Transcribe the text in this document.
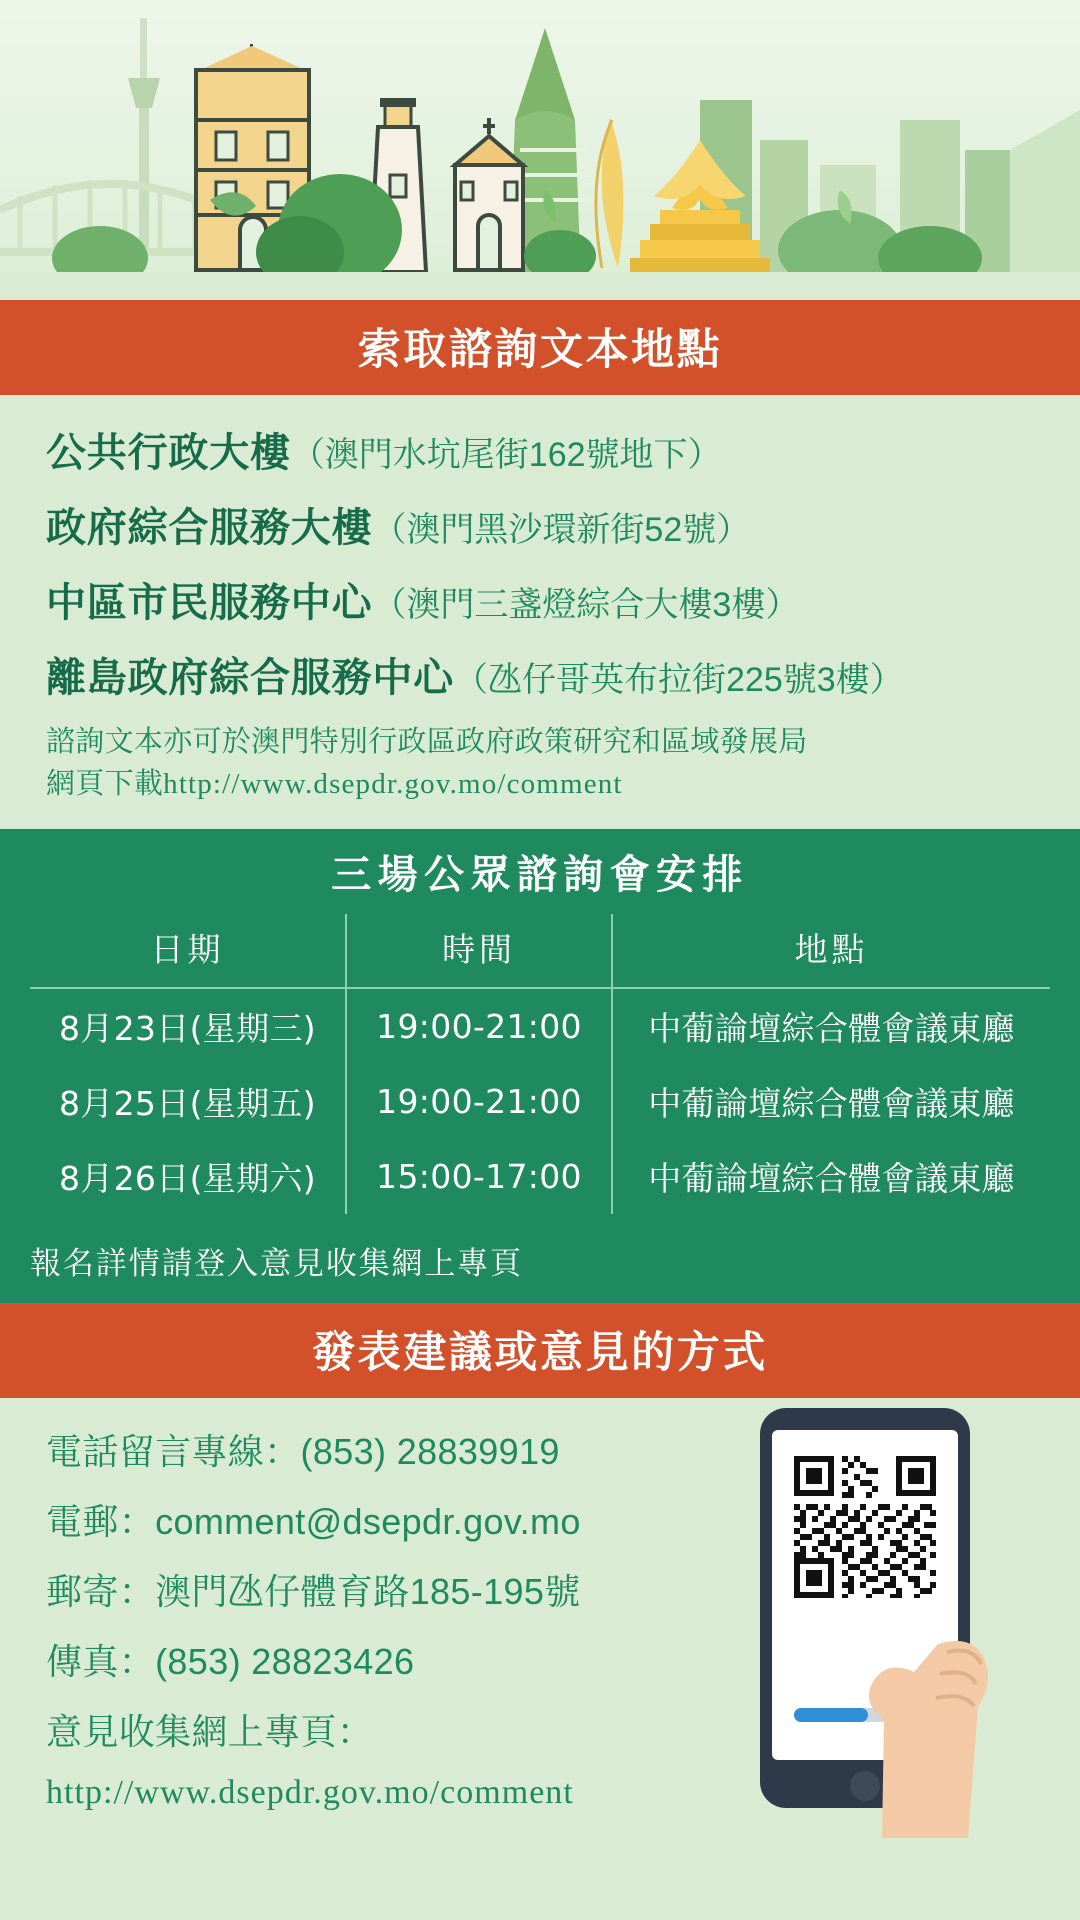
索取諮詢文本地點
公共行政大樓 （澳門水坑尾街162號地下）
政府綜合服務大樓 （澳門黑沙環新街52號）
中區市民服務中心 （澳門三盞燈綜合大樓3樓）
離島政府綜合服務中心 （氹仔哥英布拉街225號3樓）
諮詢文本亦可於澳門特別行政區政府政策研究和區域發展局
網頁下載http://www.dsepdr.gov.mo/comment
三場公眾諮詢會安排
日期	時間	地點
8月23日(星期三)	19:00-21:00	中葡論壇綜合體會議東廳
8月25日(星期五)	19:00-21:00	中葡論壇綜合體會議東廳
8月26日(星期六)	15:00-17:00	中葡論壇綜合體會議東廳
報名詳情請登入意見收集網上專頁
發表建議或意見的方式
電話留言專線：(853) 28839919
電郵：comment@dsepdr.gov.mo
郵寄：澳門氹仔體育路185-195號
傳真：(853) 28823426
意見收集網上專頁：
http://www.dsepdr.gov.mo/comment
